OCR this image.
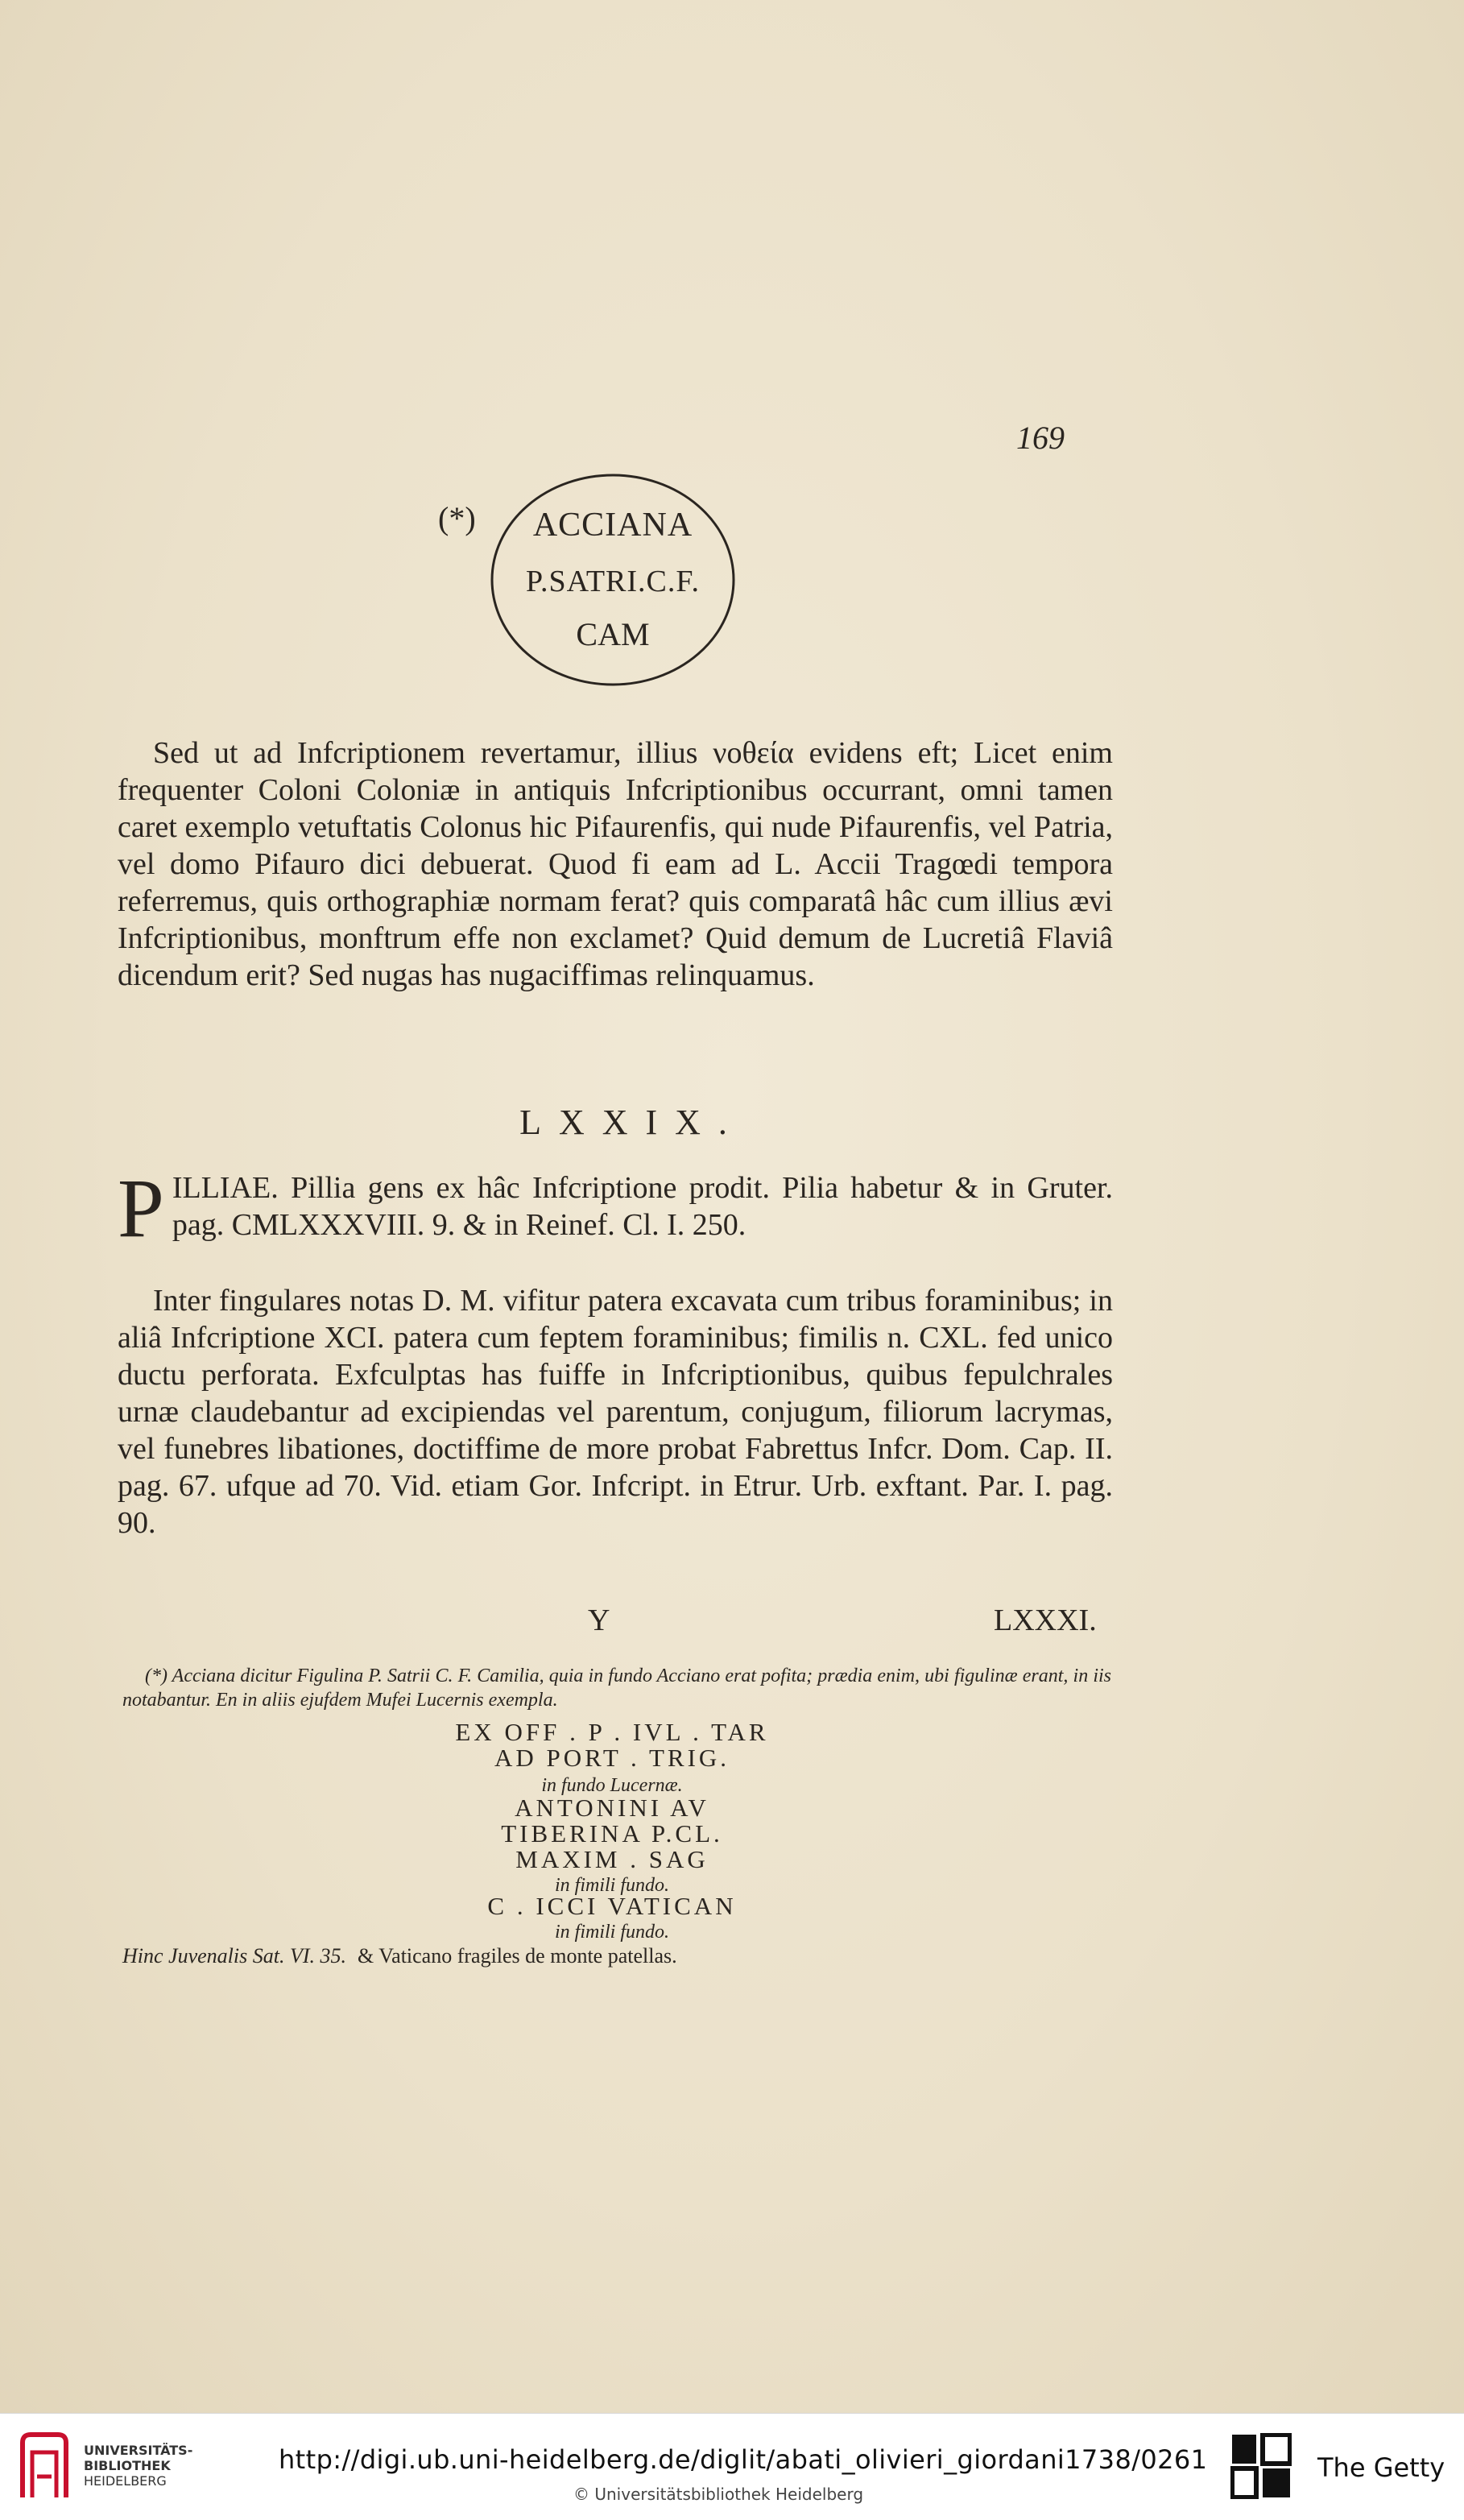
169
(*)	ACCIANA
P.SATRI.C.F.
CAM

Sed ut ad Infcriptionem revertamur, illius νοθεία evidens eft; Licet enim frequenter Coloni Coloniæ in antiquis Infcriptionibus occurrant, omni tamen caret exemplo vetuftatis Colonus hic Pifaurenfis, qui nude Pifaurenfis, vel Patria, vel domo Pifauro dici debuerat. Quod fi eam ad L. Accii Tragœdi tempora referremus, quis orthographiæ normam ferat? quis comparatâ hâc cum illius ævi Infcriptionibus, monftrum effe non exclamet? Quid demum de Lucretiâ Flaviâ dicendum erit? Sed nugas has nugaciffimas relinquamus.

LXXIX.
P ILLIAE. Pillia gens ex hâc Infcriptione prodit. Pilia habetur & in Gruter. pag. CMLXXXVIII. 9. & in Reinef. Cl. I. 250.

Inter fingulares notas D. M. vifitur patera excavata cum tribus foraminibus; in aliâ Infcriptione XCI. patera cum feptem foraminibus; fimilis n. CXL. fed unico ductu perforata. Exfculptas has fuiffe in Infcriptionibus, quibus fepulchrales urnæ claudebantur ad excipiendas vel parentum, conjugum, filiorum lacrymas, vel funebres libationes, doctiffime de more probat Fabrettus Infcr. Dom. Cap. II. pag. 67. ufque ad 70. Vid. etiam Gor. Infcript. in Etrur. Urb. exftant. Par. I. pag. 90.

Y	LXXXI.

(*) Acciana dicitur Figulina P. Satrii C. F. Camilia, quia in fundo Acciano erat pofita; prædia enim, ubi figulinæ erant, in iis notabantur. En in aliis ejufdem Mufei Lucernis exempla.

EX OFF . P . IVL . TAR
AD PORT . TRIG.
in fundo Lucernæ.
ANTONINI AV
TIBERINA P.CL.
MAXIM . SAG
in fimili fundo.
C . ICCI VATICAN
in fimili fundo.
Hinc Juvenalis Sat. VI. 35. & Vaticano fragiles de monte patellas.
UNIVERSITÄTS-
BIBLIOTHEK
HEIDELBERG
http://digi.ub.uni-heidelberg.de/diglit/abati_olivieri_giordani1738/0261
© Universitätsbibliothek Heidelberg
The Getty
